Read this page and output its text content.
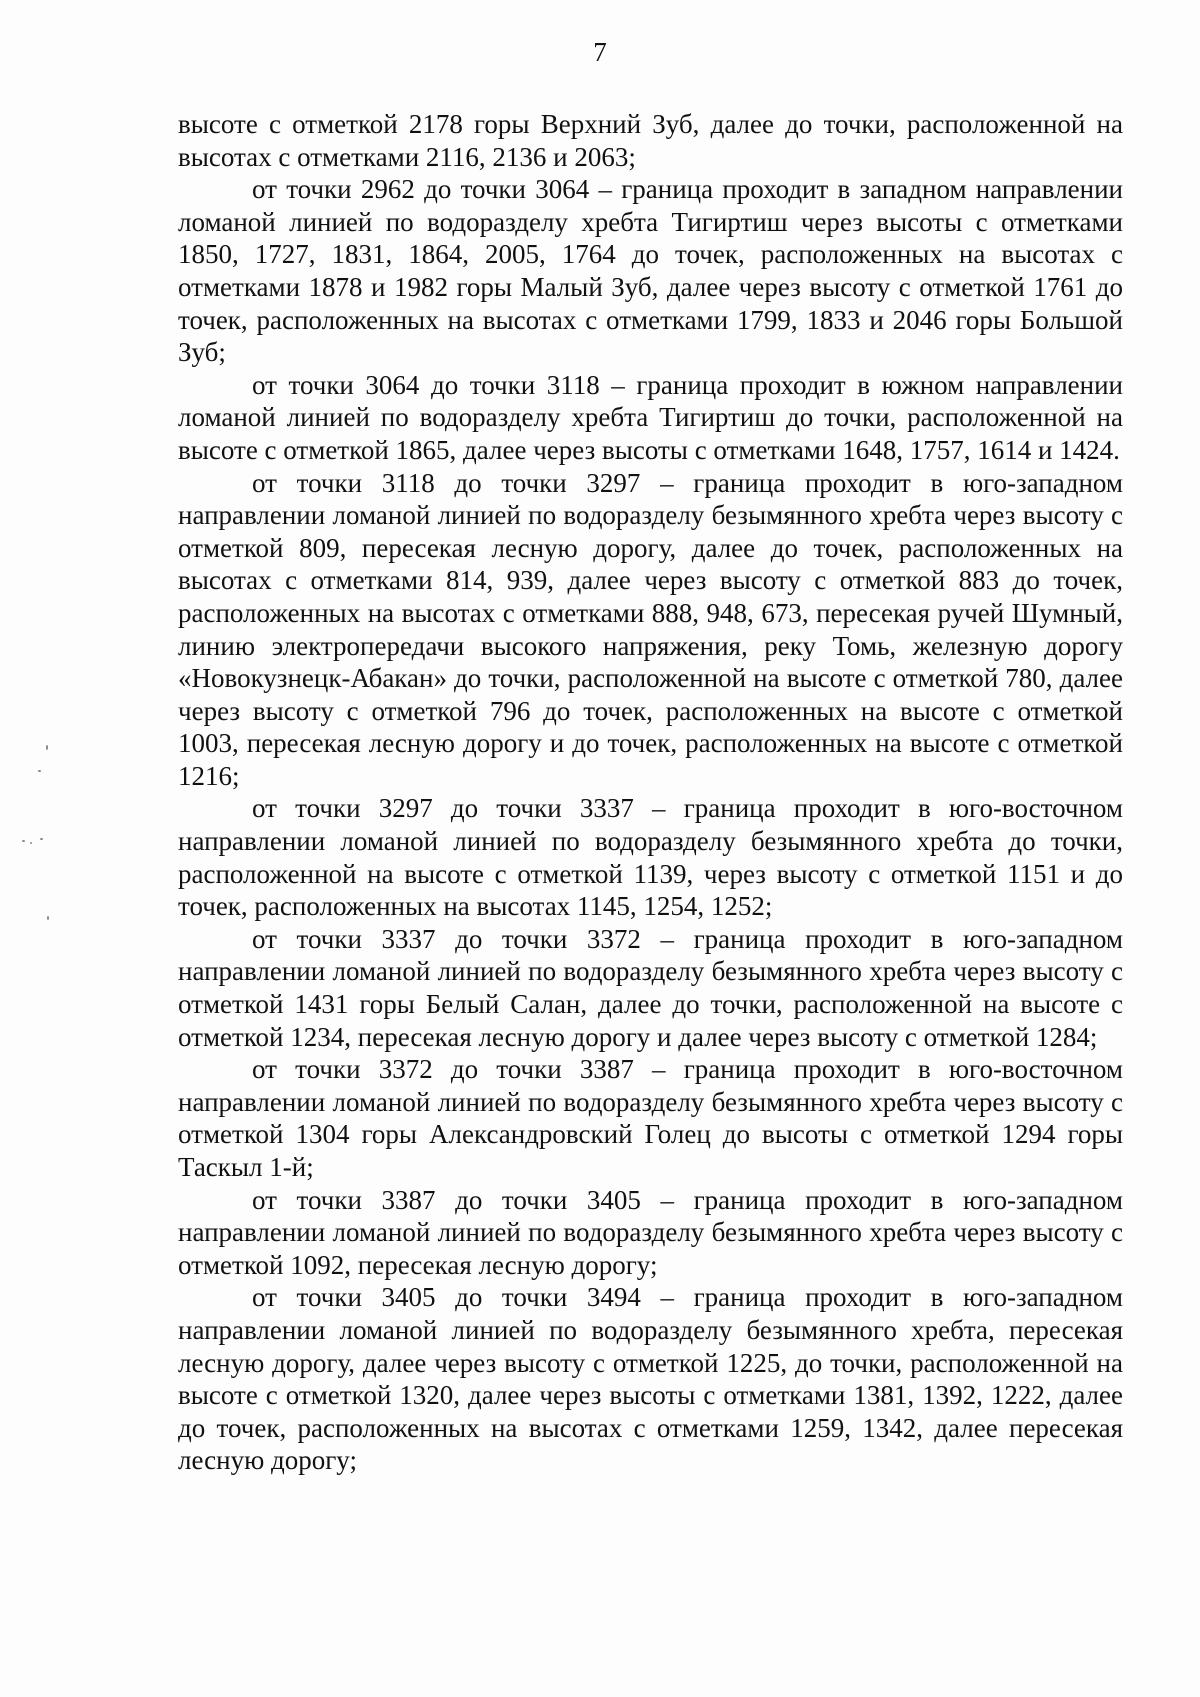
7

высоте с отметкой 2178 горы Верхний Зуб, далее до точки, расположенной на высотах с отметками 2116, 2136 и 2063;

от точки 2962 до точки 3064 – граница проходит в западном направлении ломаной линией по водоразделу хребта Тигиртиш через высоты с отметками 1850, 1727, 1831, 1864, 2005, 1764 до точек, расположенных на высотах с отметками 1878 и 1982 горы Малый Зуб, далее через высоту с отметкой 1761 до точек, расположенных на высотах с отметками 1799, 1833 и 2046 горы Большой Зуб;

от точки 3064 до точки 3118 – граница проходит в южном направлении ломаной линией по водоразделу хребта Тигиртиш до точки, расположенной на высоте с отметкой 1865, далее через высоты с отметками 1648, 1757, 1614 и 1424.

от точки 3118 до точки 3297 – граница проходит в юго-западном направлении ломаной линией по водоразделу безымянного хребта через высоту с отметкой 809, пересекая лесную дорогу, далее до точек, расположенных на высотах с отметками 814, 939, далее через высоту с отметкой 883 до точек, расположенных на высотах с отметками 888, 948, 673, пересекая ручей Шумный, линию электропередачи высокого напряжения, реку Томь, железную дорогу «Новокузнецк-Абакан» до точки, расположенной на высоте с отметкой 780, далее через высоту с отметкой 796 до точек, расположенных на высоте с отметкой 1003, пересекая лесную дорогу и до точек, расположенных на высоте с отметкой 1216;

от точки 3297 до точки 3337 – граница проходит в юго-восточном направлении ломаной линией по водоразделу безымянного хребта до точки, расположенной на высоте с отметкой 1139, через высоту с отметкой 1151 и до точек, расположенных на высотах 1145, 1254, 1252;

от точки 3337 до точки 3372 – граница проходит в юго-западном направлении ломаной линией по водоразделу безымянного хребта через высоту с отметкой 1431 горы Белый Салан, далее до точки, расположенной на высоте с отметкой 1234, пересекая лесную дорогу и далее через высоту с отметкой 1284;

от точки 3372 до точки 3387 – граница проходит в юго-восточном направлении ломаной линией по водоразделу безымянного хребта через высоту с отметкой 1304 горы Александровский Голец до высоты с отметкой 1294 горы Таскыл 1-й;

от точки 3387 до точки 3405 – граница проходит в юго-западном направлении ломаной линией по водоразделу безымянного хребта через высоту с отметкой 1092, пересекая лесную дорогу;

от точки 3405 до точки 3494 – граница проходит в юго-западном направлении ломаной линией по водоразделу безымянного хребта, пересекая лесную дорогу, далее через высоту с отметкой 1225, до точки, расположенной на высоте с отметкой 1320, далее через высоты с отметками 1381, 1392, 1222, далее до точек, расположенных на высотах с отметками 1259, 1342, далее пересекая лесную дорогу;
